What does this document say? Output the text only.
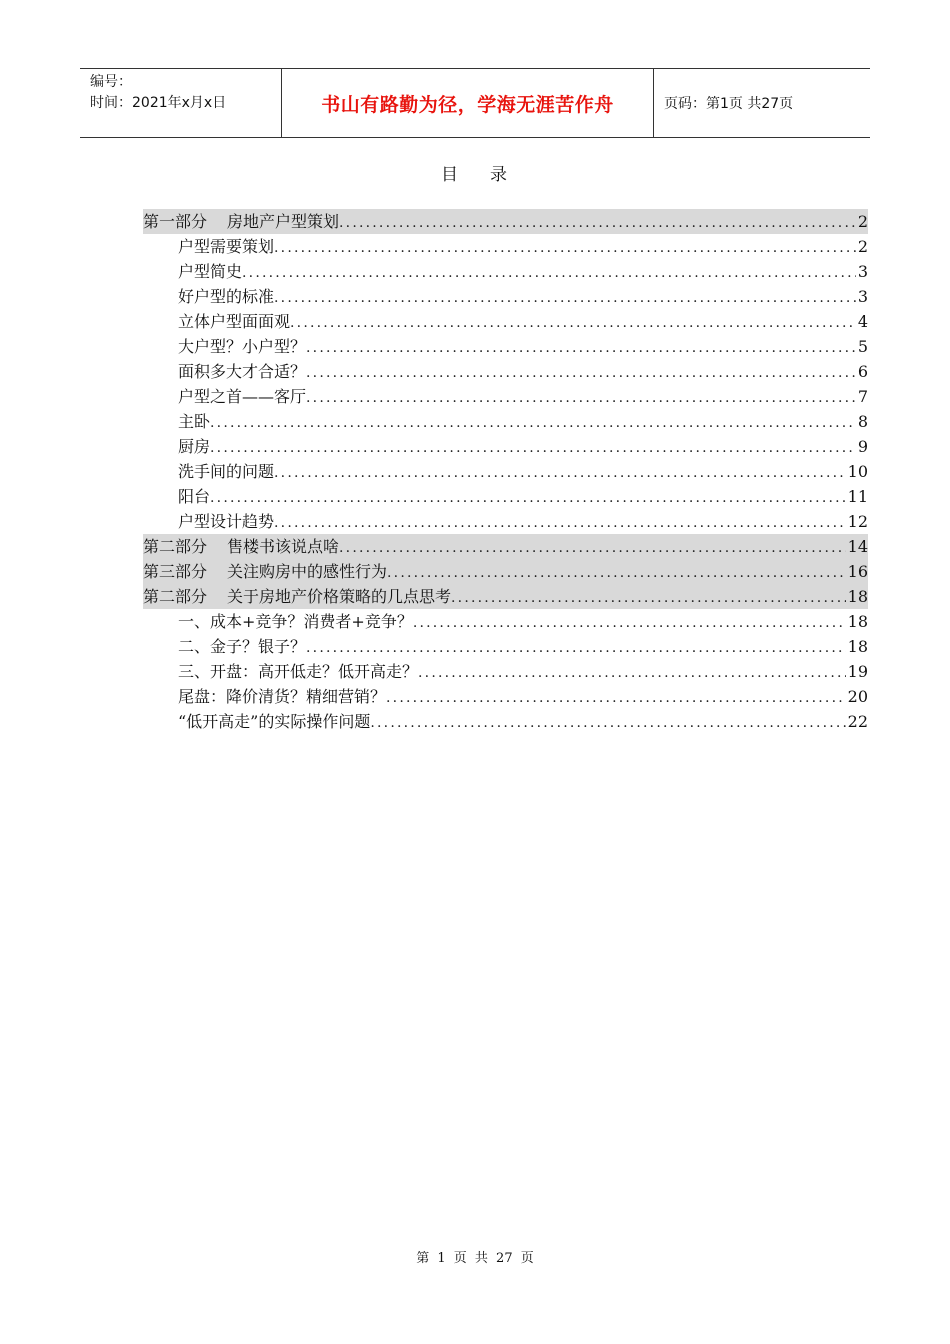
编号：
时间：2021年x月x日	书山有路勤为径，学海无涯苦作舟	页码：第1页 共27页
目 录
第一部分 房地产户型策划 .....	2
户型需要策划 .....	2
户型简史 .....	3
好户型的标准 .....	3
立体户型面面观 .....	4
大户型？小户型？ .....	5
面积多大才合适？ .....	6
户型之首——客厅 .....	7
主卧 .....	8
厨房 .....	9
洗手间的问题 .....	10
阳台 .....	11
户型设计趋势 .....	12
第二部分 售楼书该说点啥 .....	14
第三部分 关注购房中的感性行为 .....	16
第二部分 关于房地产价格策略的几点思考 .....	18
一、成本+竞争？消费者+竞争？ .....	18
二、金子？银子？ .....	18
三、开盘：高开低走？低开高走？ .....	19
尾盘：降价清货？精细营销？ .....	20
“低开高走”的实际操作问题 .....	22
第 1 页 共 27 页
